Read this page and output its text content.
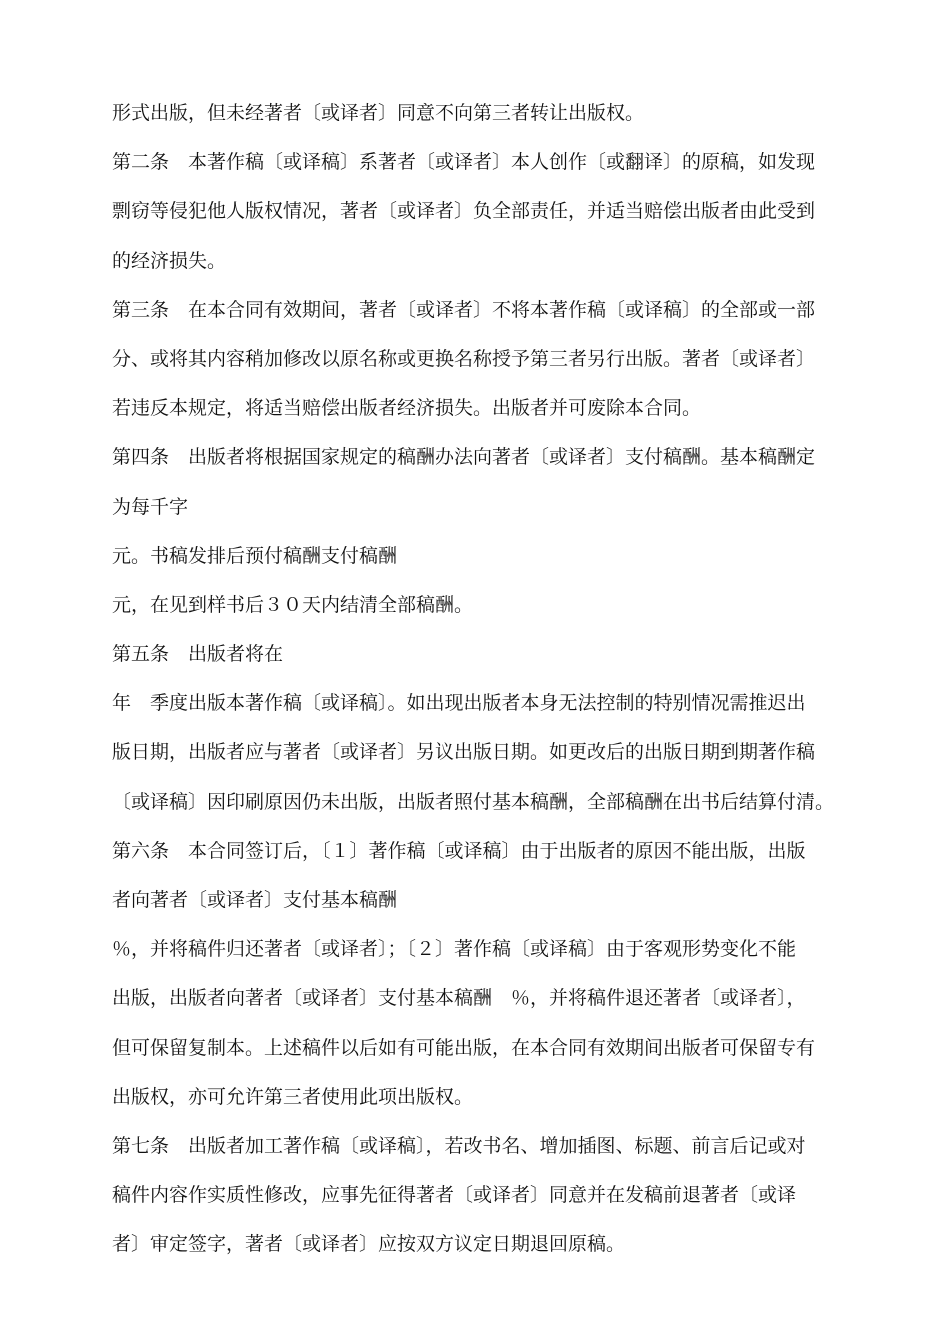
形式出版，但未经著者〔或译者〕同意不向第三者转让出版权。
第二条　本著作稿〔或译稿〕系著者〔或译者〕本人创作〔或翻译〕的原稿，如发现
剽窃等侵犯他人版权情况，著者〔或译者〕负全部责任，并适当赔偿出版者由此受到
的经济损失。
第三条　在本合同有效期间，著者〔或译者〕不将本著作稿〔或译稿〕的全部或一部
分、或将其内容稍加修改以原名称或更换名称授予第三者另行出版。著者〔或译者〕
若违反本规定，将适当赔偿出版者经济损失。出版者并可废除本合同。
第四条　出版者将根据国家规定的稿酬办法向著者〔或译者〕支付稿酬。基本稿酬定
为每千字
元。书稿发排后预付稿酬支付稿酬
元，在见到样书后３０天内结清全部稿酬。
第五条　出版者将在
年　季度出版本著作稿〔或译稿〕。如出现出版者本身无法控制的特别情况需推迟出
版日期，出版者应与著者〔或译者〕另议出版日期。如更改后的出版日期到期著作稿
〔或译稿〕因印刷原因仍未出版，出版者照付基本稿酬，全部稿酬在出书后结算付清。
第六条　本合同签订后，〔１〕著作稿〔或译稿〕由于出版者的原因不能出版，出版
者向著者〔或译者〕支付基本稿酬
％，并将稿件归还著者〔或译者〕；〔２〕著作稿〔或译稿〕由于客观形势变化不能
出版，出版者向著者〔或译者〕支付基本稿酬　％，并将稿件退还著者〔或译者〕，
但可保留复制本。上述稿件以后如有可能出版，在本合同有效期间出版者可保留专有
出版权，亦可允许第三者使用此项出版权。
第七条　出版者加工著作稿〔或译稿〕，若改书名、增加插图、标题、前言后记或对
稿件内容作实质性修改，应事先征得著者〔或译者〕同意并在发稿前退著者〔或译
者〕审定签字，著者〔或译者〕应按双方议定日期退回原稿。
